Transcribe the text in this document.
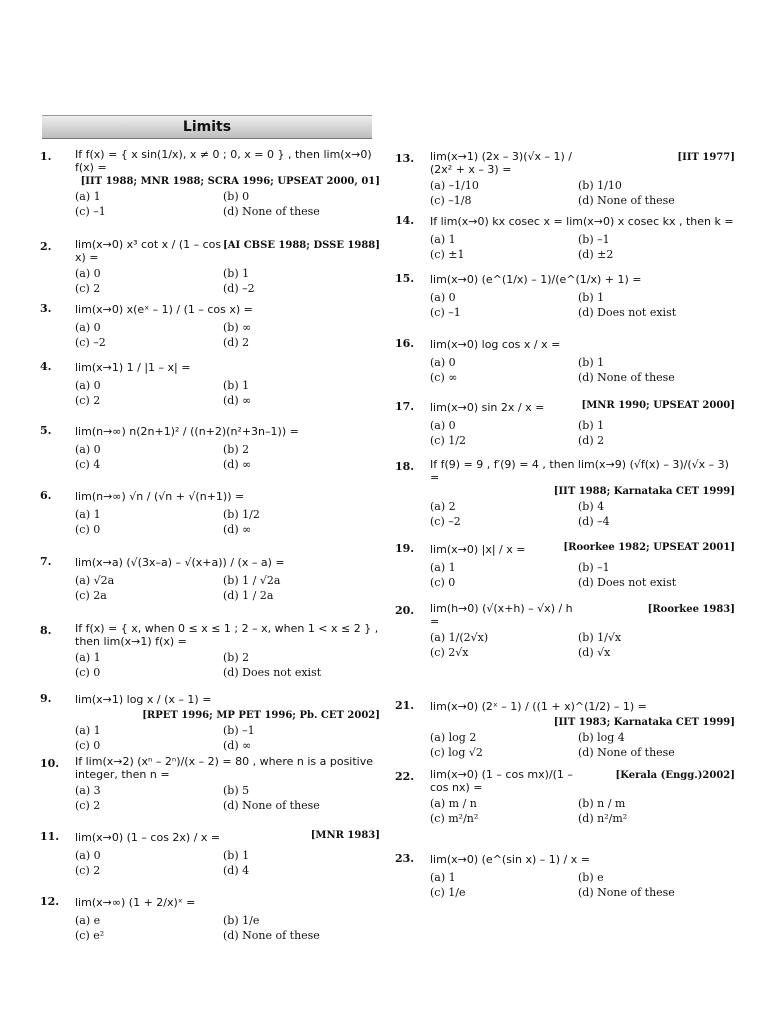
Limits
1. If f(x) = { x sin(1/x), x ≠ 0 ; 0, x = 0 } , then lim(x→0) f(x) =
[IIT 1988; MNR 1988; SCRA 1996; UPSEAT 2000, 01]
(a) 1	(b) 0
(c) –1	(d) None of these
2. lim(x→0) x³ cot x / (1 – cos x) =
[AI CBSE 1988; DSSE 1988]
(a) 0	(b) 1
(c) 2	(d) –2
3. lim(x→0) x(eˣ – 1) / (1 – cos x) =
(a) 0	(b) ∞
(c) –2	(d) 2
4. lim(x→1) 1 / |1 – x| =
(a) 0	(b) 1
(c) 2	(d) ∞
5. lim(n→∞) n(2n+1)² / ((n+2)(n²+3n–1)) =
(a) 0	(b) 2
(c) 4	(d) ∞
6. lim(n→∞) √n / (√n + √(n+1)) =
(a) 1	(b) 1/2
(c) 0	(d) ∞
7. lim(x→a) (√(3x–a) – √(x+a)) / (x – a) =
(a) √2a	(b) 1 / √2a
(c) 2a	(d) 1 / 2a
8. If f(x) = { x, when 0 ≤ x ≤ 1 ; 2 – x, when 1 < x ≤ 2 } , then lim(x→1) f(x) =
(a) 1	(b) 2
(c) 0	(d) Does not exist
9. lim(x→1) log x / (x – 1) =
[RPET 1996; MP PET 1996; Pb. CET 2002]
(a) 1	(b) –1
(c) 0	(d) ∞
10. If lim(x→2) (xⁿ – 2ⁿ)/(x – 2) = 80 , where n is a positive integer, then n =
(a) 3	(b) 5
(c) 2	(d) None of these
11. lim(x→0) (1 – cos 2x) / x =	[MNR 1983]
(a) 0	(b) 1
(c) 2	(d) 4
12. lim(x→∞) (1 + 2/x)ˣ =
(a) e	(b) 1/e
(c) e²	(d) None of these
13. lim(x→1) (2x – 3)(√x – 1) / (2x² + x – 3) =
[IIT 1977]
(a) –1/10	(b) 1/10
(c) –1/8	(d) None of these
14. If lim(x→0) kx cosec x = lim(x→0) x cosec kx , then k =
(a) 1	(b) –1
(c) ±1	(d) ±2
15. lim(x→0) (e^(1/x) – 1)/(e^(1/x) + 1) =
(a) 0	(b) 1
(c) –1	(d) Does not exist
16. lim(x→0) log cos x / x =
(a) 0	(b) 1
(c) ∞	(d) None of these
17. lim(x→0) sin 2x / x =	[MNR 1990; UPSEAT 2000]
(a) 0	(b) 1
(c) 1/2	(d) 2
18. If f(9) = 9 , f′(9) = 4 , then lim(x→9) (√f(x) – 3)/(√x – 3) =
[IIT 1988; Karnataka CET 1999]
(a) 2	(b) 4
(c) –2	(d) –4
19. lim(x→0) |x| / x =	[Roorkee 1982; UPSEAT 2001]
(a) 1	(b) –1
(c) 0	(d) Does not exist
20. lim(h→0) (√(x+h) – √x) / h =
[Roorkee 1983]
(a) 1/(2√x)	(b) 1/√x
(c) 2√x	(d) √x
21. lim(x→0) (2ˣ – 1) / ((1 + x)^(1/2) – 1) =
[IIT 1983; Karnataka CET 1999]
(a) log 2	(b) log 4
(c) log √2	(d) None of these
22. lim(x→0) (1 – cos mx)/(1 – cos nx) =
[Kerala (Engg.)2002]
(a) m / n	(b) n / m
(c) m²/n²	(d) n²/m²
23. lim(x→0) (e^(sin x) – 1) / x =
(a) 1	(b) e
(c) 1/e	(d) None of these
